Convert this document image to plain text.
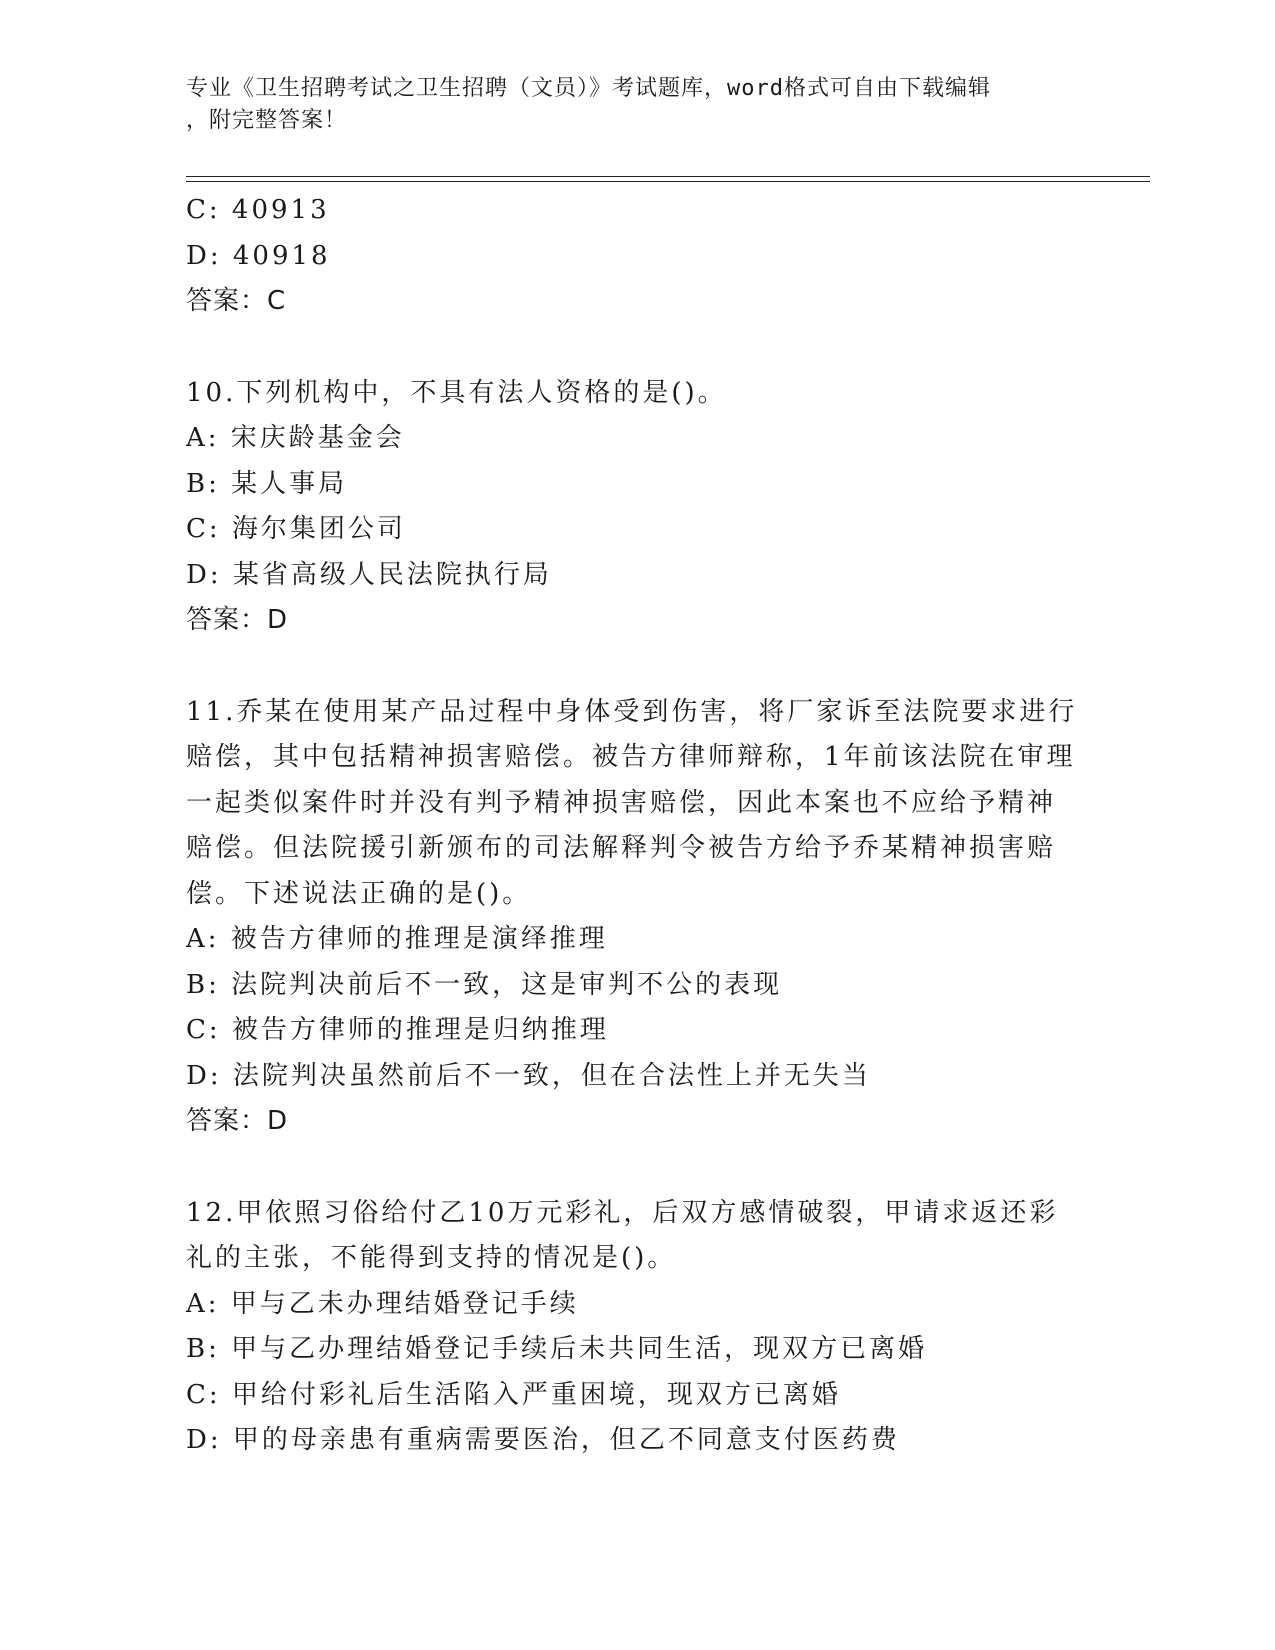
专业《卫生招聘考试之卫生招聘（文员）》考试题库，word格式可自由下载编辑
，附完整答案！
C: 40913
D: 40918
答案：C
10.下列机构中，不具有法人资格的是()。
A: 宋庆龄基金会
B: 某人事局
C: 海尔集团公司
D: 某省高级人民法院执行局
答案：D
11.乔某在使用某产品过程中身体受到伤害，将厂家诉至法院要求进行
赔偿，其中包括精神损害赔偿。被告方律师辩称，1年前该法院在审理
一起类似案件时并没有判予精神损害赔偿，因此本案也不应给予精神
赔偿。但法院援引新颁布的司法解释判令被告方给予乔某精神损害赔
偿。下述说法正确的是()。
A: 被告方律师的推理是演绎推理
B: 法院判决前后不一致，这是审判不公的表现
C: 被告方律师的推理是归纳推理
D: 法院判决虽然前后不一致，但在合法性上并无失当
答案：D
12.甲依照习俗给付乙10万元彩礼，后双方感情破裂，甲请求返还彩
礼的主张，不能得到支持的情况是()。
A: 甲与乙未办理结婚登记手续
B: 甲与乙办理结婚登记手续后未共同生活，现双方已离婚
C: 甲给付彩礼后生活陷入严重困境，现双方已离婚
D: 甲的母亲患有重病需要医治，但乙不同意支付医药费
